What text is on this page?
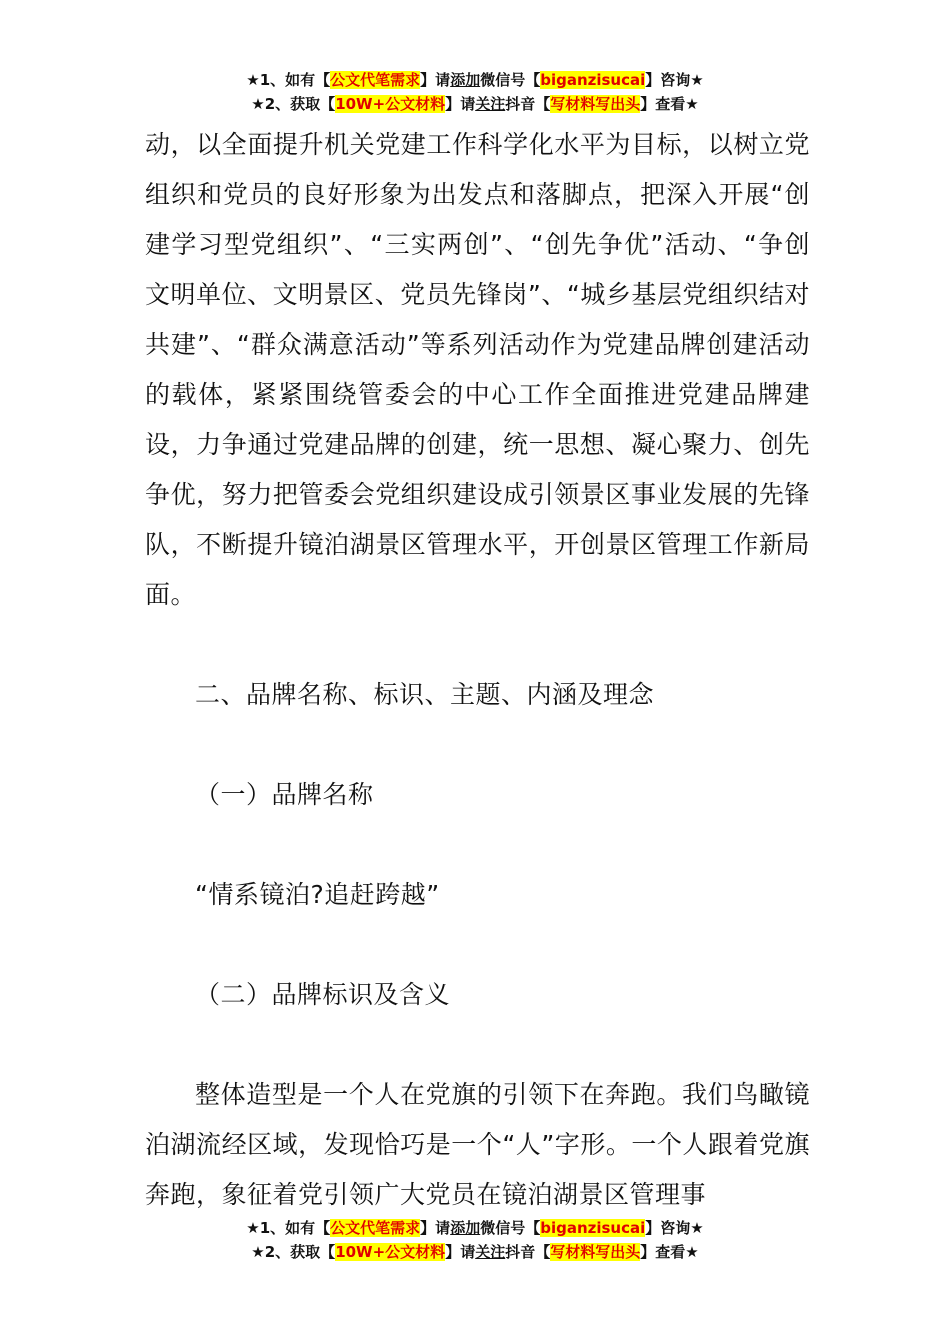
★1、如有【公文代笔需求】请添加微信号【biganzisucai】咨询★
★2、获取【10W+公文材料】请关注抖音【写材料写出头】查看★

动，以全面提升机关党建工作科学化水平为目标，以树立党组织和党员的良好形象为出发点和落脚点，把深入开展“创建学习型党组织”、“三实两创”、“创先争优”活动、“争创文明单位、文明景区、党员先锋岗”、“城乡基层党组织结对共建”、“群众满意活动”等系列活动作为党建品牌创建活动的载体，紧紧围绕管委会的中心工作全面推进党建品牌建设，力争通过党建品牌的创建，统一思想、凝心聚力、创先争优，努力把管委会党组织建设成引领景区事业发展的先锋队，不断提升镜泊湖景区管理水平，开创景区管理工作新局面。

二、品牌名称、标识、主题、内涵及理念

（一）品牌名称

“情系镜泊?追赶跨越”

（二）品牌标识及含义

整体造型是一个人在党旗的引领下在奔跑。我们鸟瞰镜泊湖流经区域，发现恰巧是一个“人”字形。一个人跟着党旗奔跑，象征着党引领广大党员在镜泊湖景区管理事

★1、如有【公文代笔需求】请添加微信号【biganzisucai】咨询★
★2、获取【10W+公文材料】请关注抖音【写材料写出头】查看★
